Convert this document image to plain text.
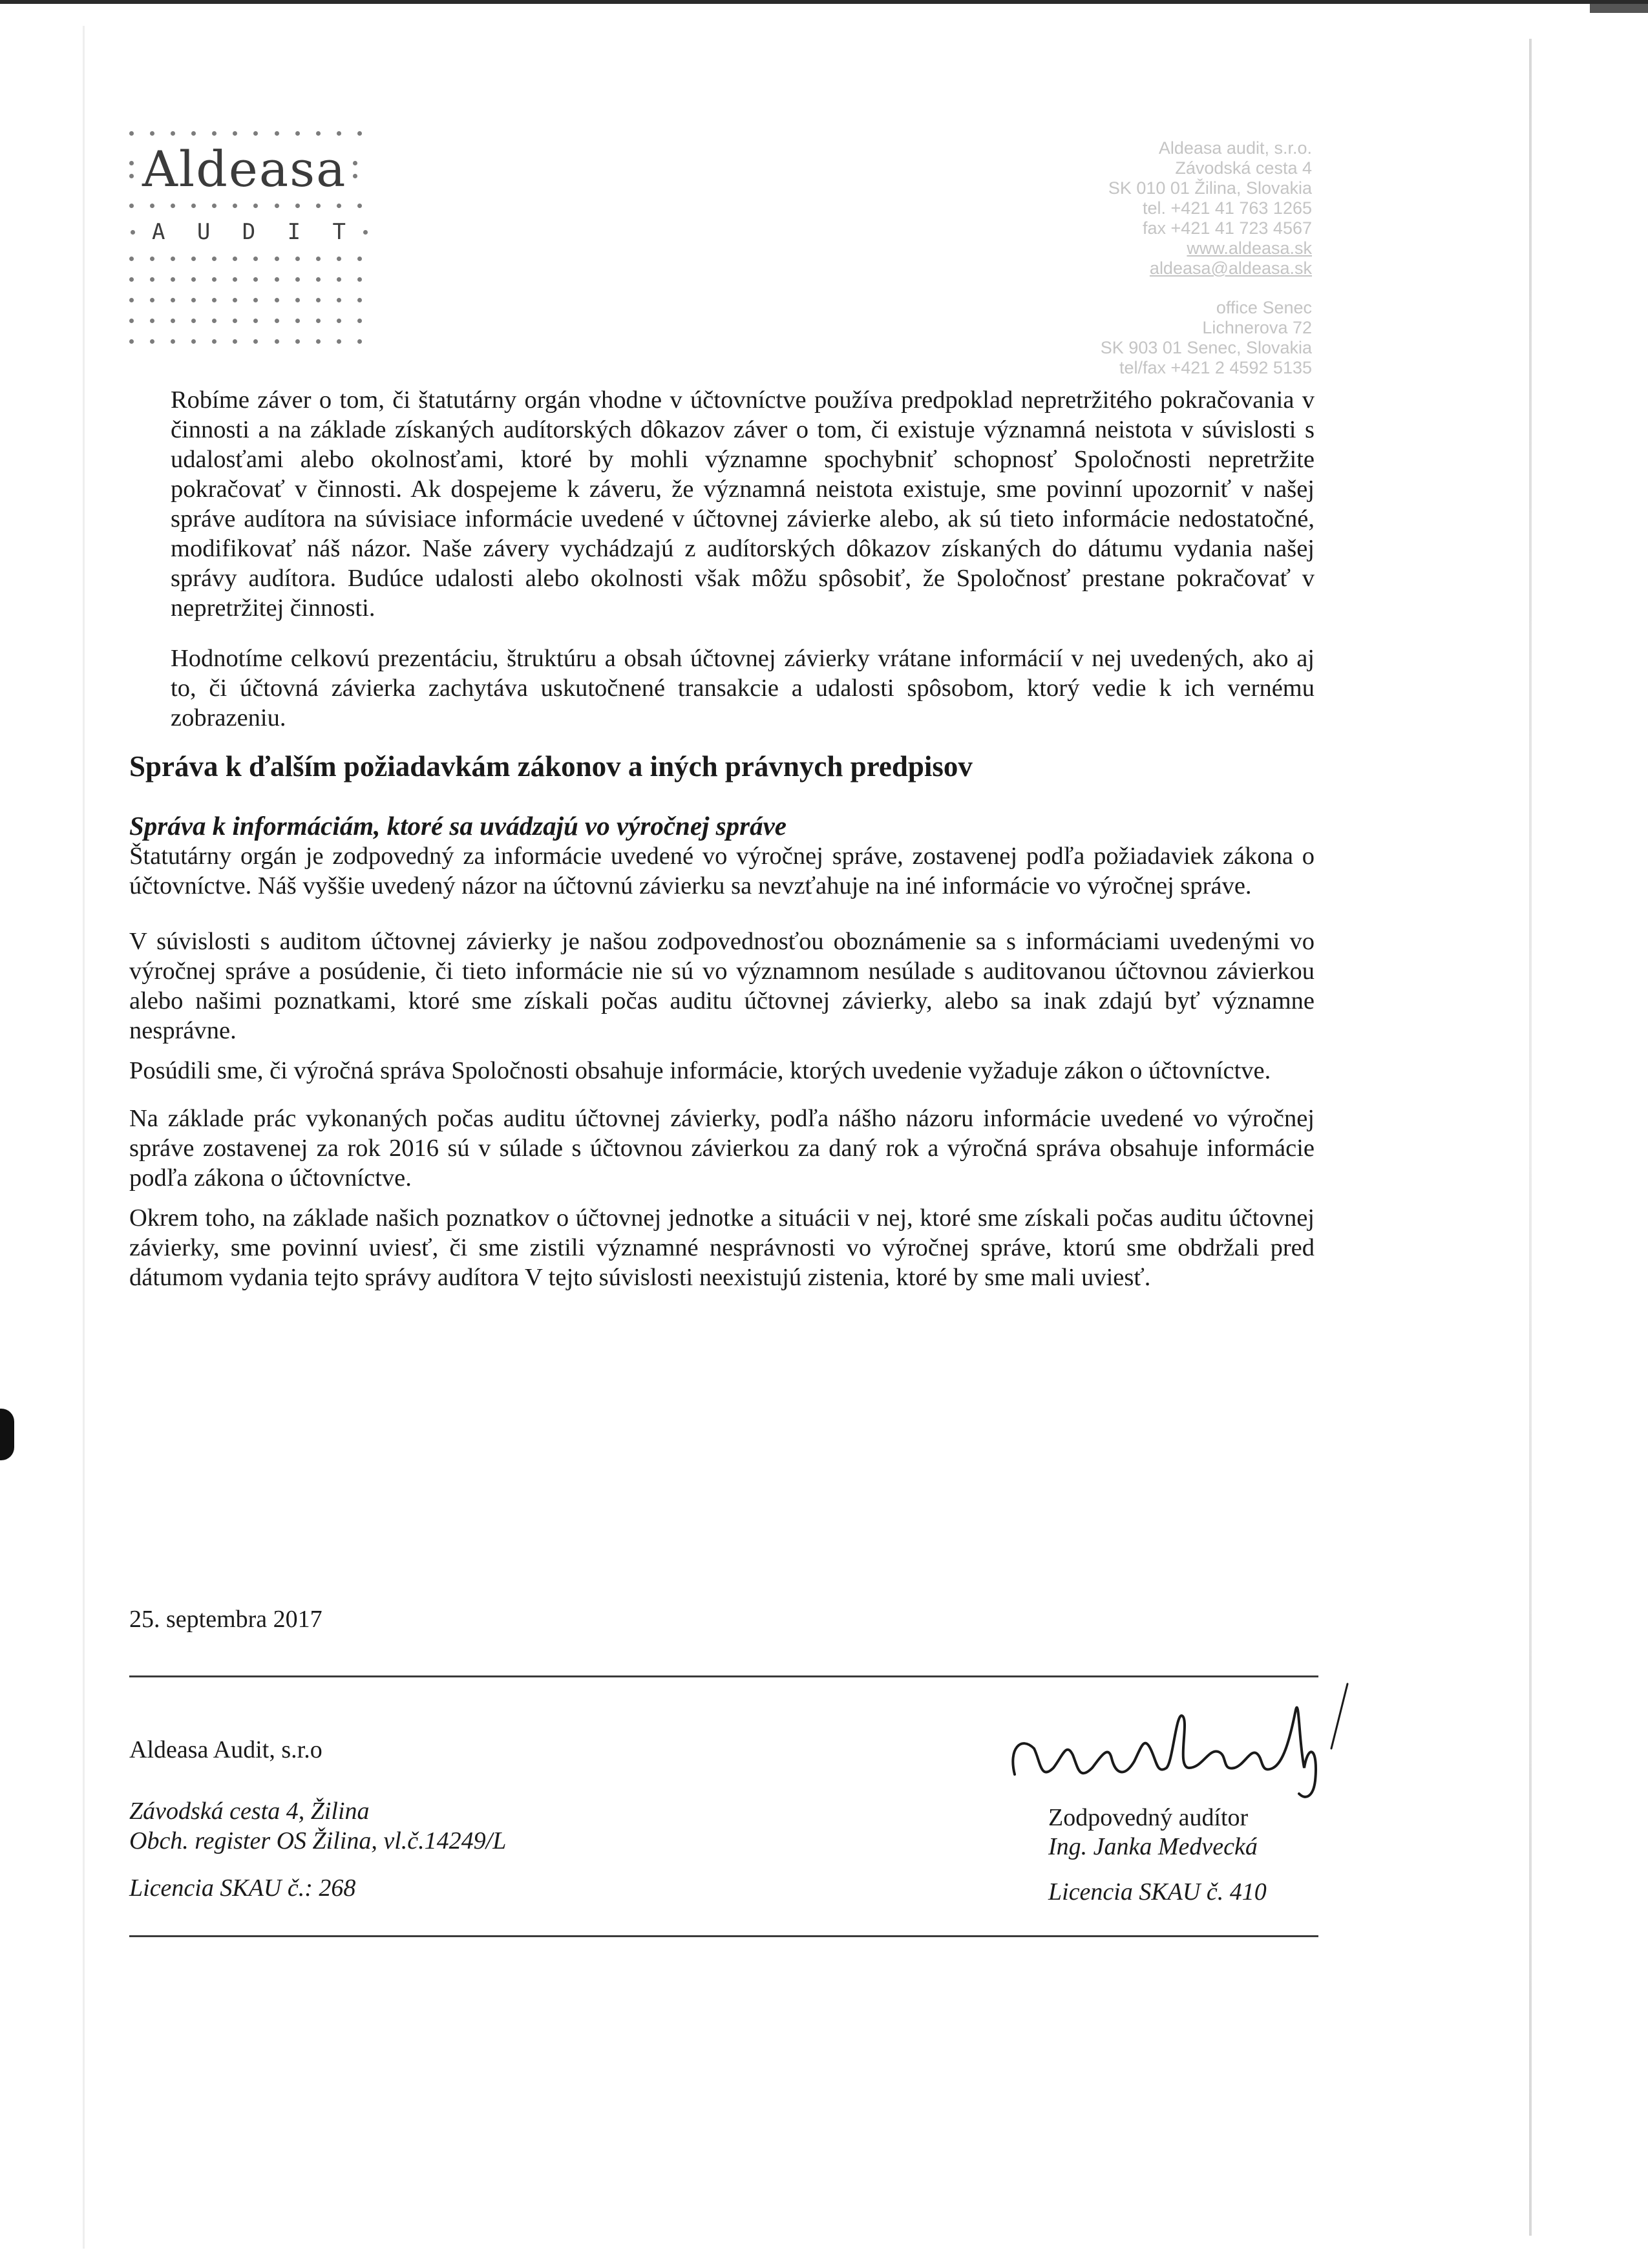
Aldeasa
A U D I T
Aldeasa audit, s.r.o.
Závodská cesta 4
SK 010 01 Žilina, Slovakia
tel. +421 41 763 1265
fax +421 41 723 4567
www.aldeasa.sk
aldeasa@aldeasa.sk
office Senec
Lichnerova 72
SK 903 01 Senec, Slovakia
tel/fax +421 2 4592 5135

Robíme záver o tom, či štatutárny orgán vhodne v účtovníctve používa predpoklad nepretržitého pokračovania v činnosti a na základe získaných audítorských dôkazov záver o tom, či existuje významná neistota v súvislosti s udalosťami alebo okolnosťami, ktoré by mohli významne spochybniť schopnosť Spoločnosti nepretržite pokračovať v činnosti. Ak dospejeme k záveru, že významná neistota existuje, sme povinní upozorniť v našej správe audítora na súvisiace informácie uvedené v účtovnej závierke alebo, ak sú tieto informácie nedostatočné, modifikovať náš názor. Naše závery vychádzajú z audítorských dôkazov získaných do dátumu vydania našej správy audítora. Budúce udalosti alebo okolnosti však môžu spôsobiť, že Spoločnosť prestane pokračovať v nepretržitej činnosti.

Hodnotíme celkovú prezentáciu, štruktúru a obsah účtovnej závierky vrátane informácií v nej uvedených, ako aj to, či účtovná závierka zachytáva uskutočnené transakcie a udalosti spôsobom, ktorý vedie k ich vernému zobrazeniu.

Správa k ďalším požiadavkám zákonov a iných právnych predpisov
Správa k informáciám, ktoré sa uvádzajú vo výročnej správe
Štatutárny orgán je zodpovedný za informácie uvedené vo výročnej správe, zostavenej podľa požiadaviek zákona o účtovníctve. Náš vyššie uvedený názor na účtovnú závierku sa nevzťahuje na iné informácie vo výročnej správe.
V súvislosti s auditom účtovnej závierky je našou zodpovednosťou oboznámenie sa s informáciami uvedenými vo výročnej správe a posúdenie, či tieto informácie nie sú vo významnom nesúlade s auditovanou účtovnou závierkou alebo našimi poznatkami, ktoré sme získali počas auditu účtovnej závierky, alebo sa inak zdajú byť významne nesprávne.
Posúdili sme, či výročná správa Spoločnosti obsahuje informácie, ktorých uvedenie vyžaduje zákon o účtovníctve.
Na základe prác vykonaných počas auditu účtovnej závierky, podľa nášho názoru informácie uvedené vo výročnej správe zostavenej za rok 2016 sú v súlade s účtovnou závierkou za daný rok a výročná správa obsahuje informácie podľa zákona o účtovníctve.
Okrem toho, na základe našich poznatkov o účtovnej jednotke a situácii v nej, ktoré sme získali počas auditu účtovnej závierky, sme povinní uviesť, či sme zistili významné nesprávnosti vo výročnej správe, ktorú sme obdržali pred dátumom vydania tejto správy audítora V tejto súvislosti neexistujú zistenia, ktoré by sme mali uviesť.
25. septembra 2017
Aldeasa Audit, s.r.o
Závodská cesta 4, Žilina
Obch. register OS Žilina, vl.č.14249/L
Licencia SKAU č.: 268
Zodpovedný audítor
Ing. Janka Medvecká
Licencia SKAU č. 410
